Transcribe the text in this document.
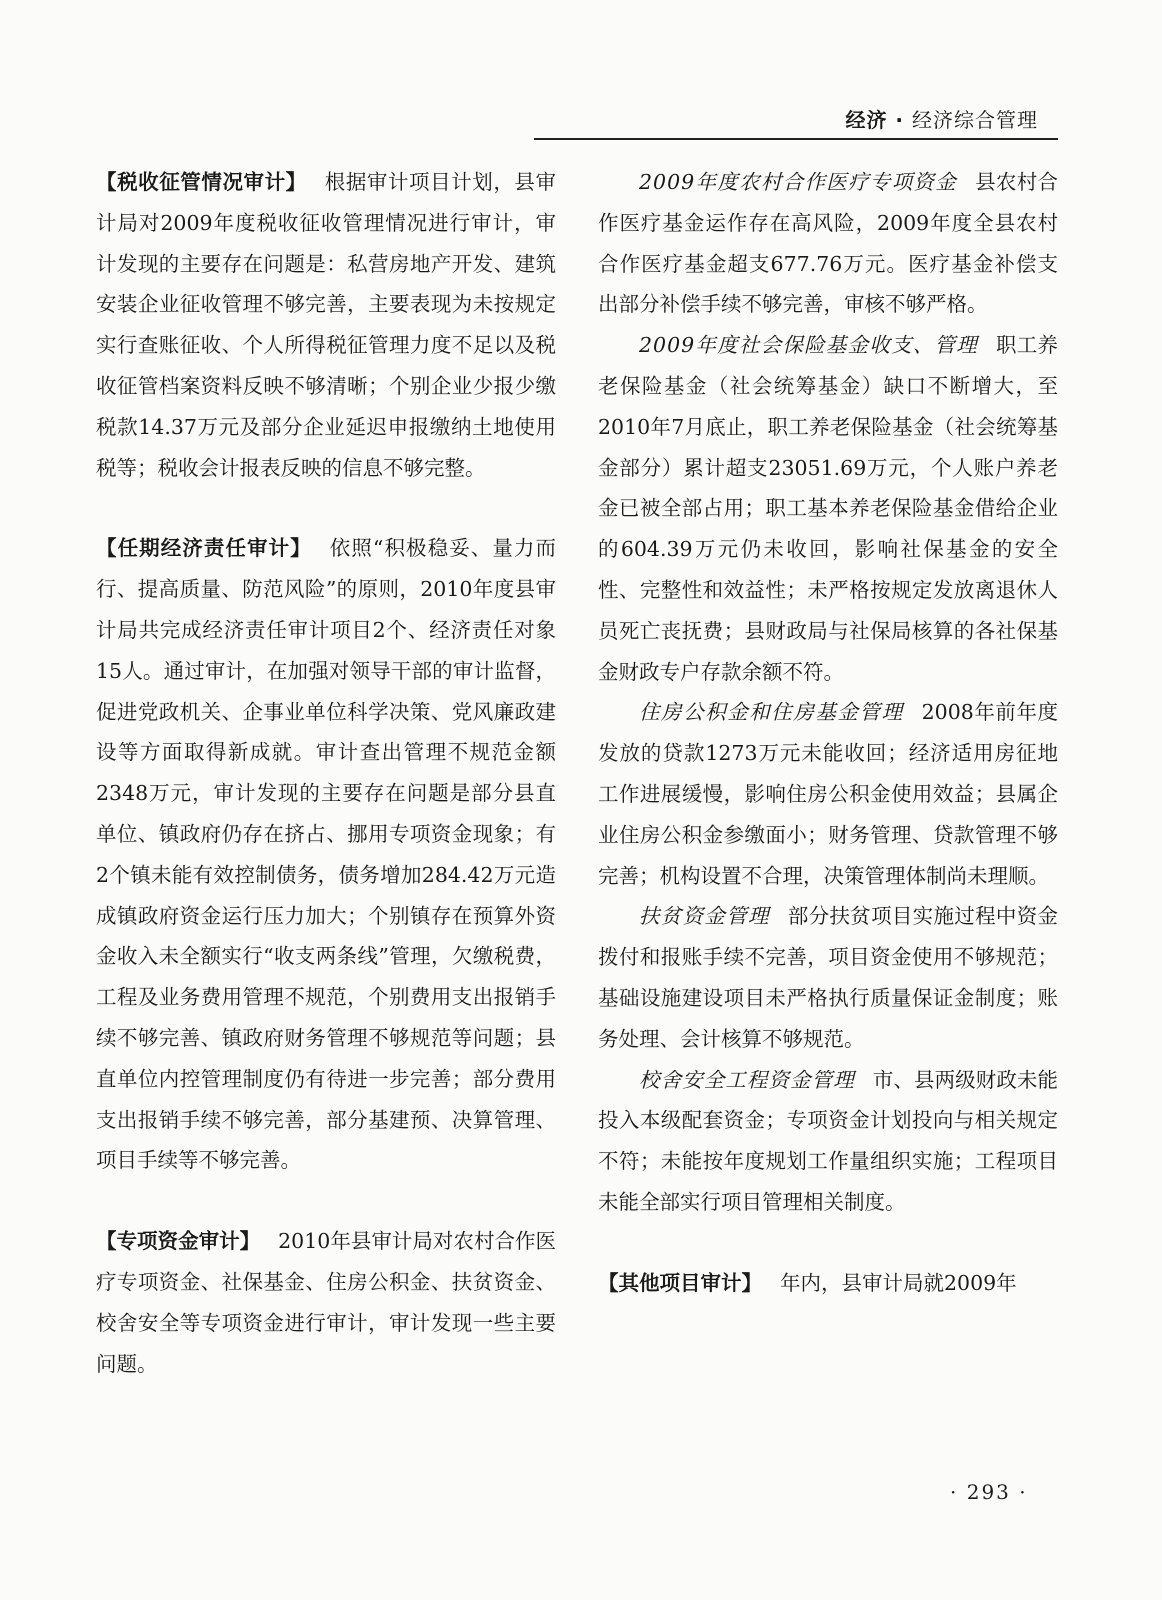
经济 · 经济综合管理

【税收征管情况审计】 根据审计项目计划，县审计局对2009年度税收征收管理情况进行审计，审计发现的主要存在问题是：私营房地产开发、建筑安装企业征收管理不够完善，主要表现为未按规定实行查账征收、个人所得税征管理力度不足以及税收征管档案资料反映不够清晰；个别企业少报少缴税款14.37万元及部分企业延迟申报缴纳土地使用税等；税收会计报表反映的信息不够完整。

【任期经济责任审计】 依照“积极稳妥、量力而行、提高质量、防范风险”的原则，2010年度县审计局共完成经济责任审计项目2个、经济责任对象15人。通过审计，在加强对领导干部的审计监督，促进党政机关、企事业单位科学决策、党风廉政建设等方面取得新成就。审计查出管理不规范金额2348万元，审计发现的主要存在问题是部分县直单位、镇政府仍存在挤占、挪用专项资金现象；有2个镇未能有效控制债务，债务增加284.42万元造成镇政府资金运行压力加大；个别镇存在预算外资金收入未全额实行“收支两条线”管理，欠缴税费，工程及业务费用管理不规范，个别费用支出报销手续不够完善、镇政府财务管理不够规范等问题；县直单位内控管理制度仍有待进一步完善；部分费用支出报销手续不够完善，部分基建预、决算管理、项目手续等不够完善。

【专项资金审计】 2010年县审计局对农村合作医疗专项资金、社保基金、住房公积金、扶贫资金、校舍安全等专项资金进行审计，审计发现一些主要问题。

2009年度农村合作医疗专项资金 县农村合作医疗基金运作存在高风险，2009年度全县农村合作医疗基金超支677.76万元。医疗基金补偿支出部分补偿手续不够完善，审核不够严格。

2009年度社会保险基金收支、管理 职工养老保险基金（社会统筹基金）缺口不断增大，至2010年7月底止，职工养老保险基金（社会统筹基金部分）累计超支23051.69万元，个人账户养老金已被全部占用；职工基本养老保险基金借给企业的604.39万元仍未收回，影响社保基金的安全性、完整性和效益性；未严格按规定发放离退休人员死亡丧抚费；县财政局与社保局核算的各社保基金财政专户存款余额不符。

住房公积金和住房基金管理 2008年前年度发放的贷款1273万元未能收回；经济适用房征地工作进展缓慢，影响住房公积金使用效益；县属企业住房公积金参缴面小；财务管理、贷款管理不够完善；机构设置不合理，决策管理体制尚未理顺。

扶贫资金管理 部分扶贫项目实施过程中资金拨付和报账手续不完善，项目资金使用不够规范；基础设施建设项目未严格执行质量保证金制度；账务处理、会计核算不够规范。

校舍安全工程资金管理 市、县两级财政未能投入本级配套资金；专项资金计划投向与相关规定不符；未能按年度规划工作量组织实施；工程项目未能全部实行项目管理相关制度。

【其他项目审计】 年内，县审计局就2009年

· 293 ·
